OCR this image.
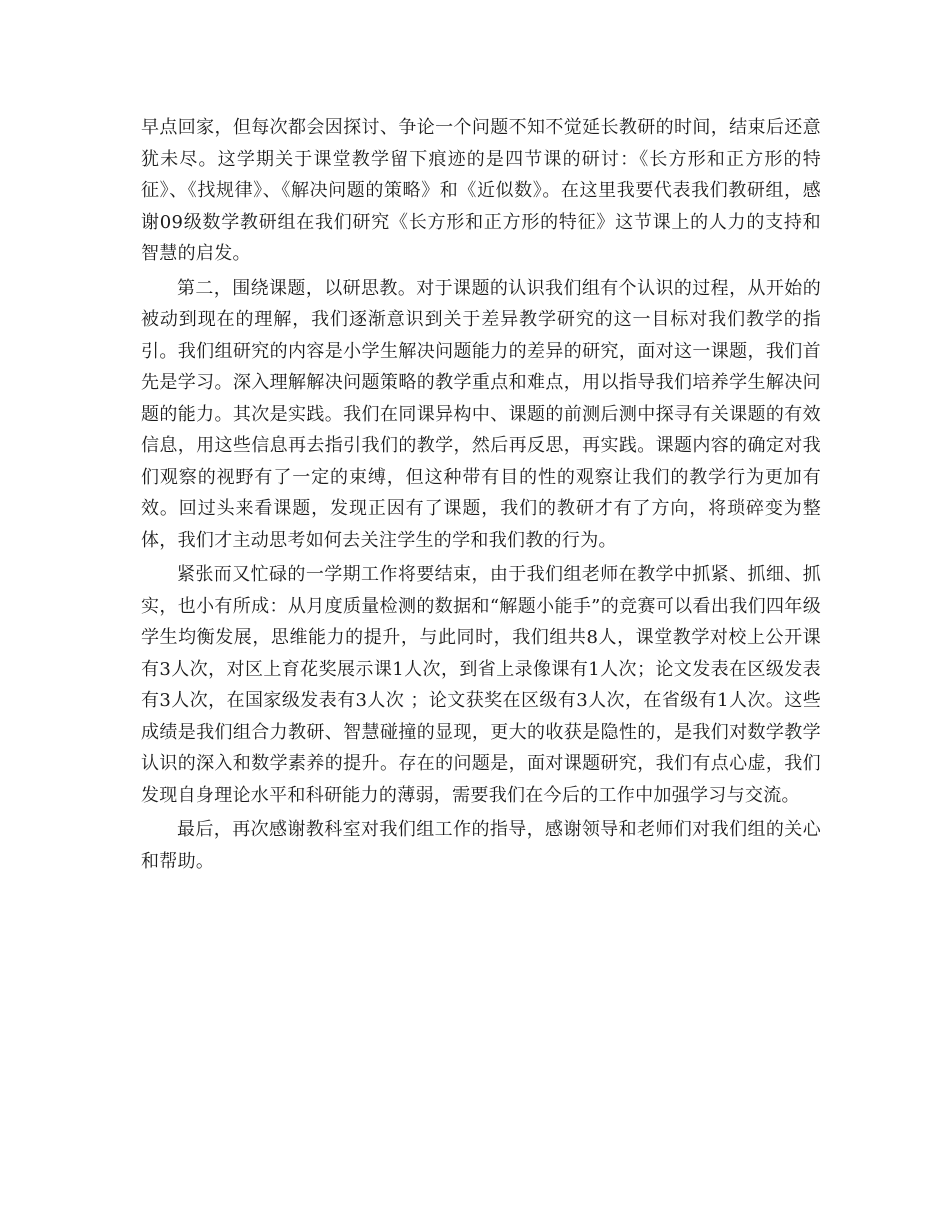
早点回家，但每次都会因探讨、争论一个问题不知不觉延长教研的时间，结束后还意犹未尽。这学期关于课堂教学留下痕迹的是四节课的研讨：《长方形和正方形的特征》、《找规律》、《解决问题的策略》和《近似数》。在这里我要代表我们教研组，感谢09级数学教研组在我们研究《长方形和正方形的特征》这节课上的人力的支持和智慧的启发。

第二，围绕课题，以研思教。对于课题的认识我们组有个认识的过程，从开始的被动到现在的理解，我们逐渐意识到关于差异教学研究的这一目标对我们教学的指引。我们组研究的内容是小学生解决问题能力的差异的研究，面对这一课题，我们首先是学习。深入理解解决问题策略的教学重点和难点，用以指导我们培养学生解决问题的能力。其次是实践。我们在同课异构中、课题的前测后测中探寻有关课题的有效信息，用这些信息再去指引我们的教学，然后再反思，再实践。课题内容的确定对我们观察的视野有了一定的束缚，但这种带有目的性的观察让我们的教学行为更加有效。回过头来看课题，发现正因有了课题，我们的教研才有了方向，将琐碎变为整体，我们才主动思考如何去关注学生的学和我们教的行为。

紧张而又忙碌的一学期工作将要结束，由于我们组老师在教学中抓紧、抓细、抓实，也小有所成：从月度质量检测的数据和“解题小能手”的竞赛可以看出我们四年级学生均衡发展，思维能力的提升，与此同时，我们组共8人，课堂教学对校上公开课有3人次，对区上育花奖展示课1人次，到省上录像课有1人次；论文发表在区级发表有3人次，在国家级发表有3人次 ；论文获奖在区级有3人次，在省级有1人次。这些成绩是我们组合力教研、智慧碰撞的显现，更大的收获是隐性的，是我们对数学教学认识的深入和数学素养的提升。存在的问题是，面对课题研究，我们有点心虚，我们发现自身理论水平和科研能力的薄弱，需要我们在今后的工作中加强学习与交流。

最后，再次感谢教科室对我们组工作的指导，感谢领导和老师们对我们组的关心和帮助。
